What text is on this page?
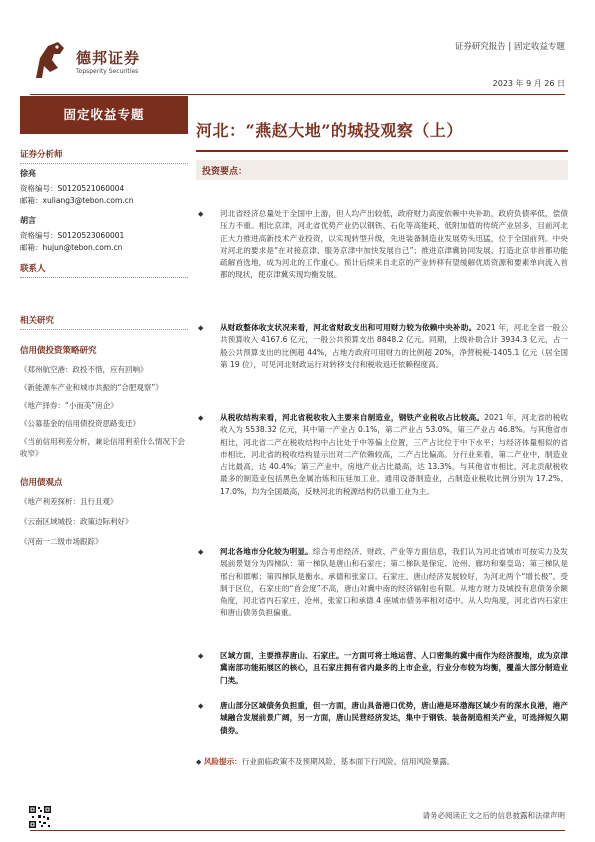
德邦证券
Topsperity Securities
证券研究报告 | 固定收益专题
2023 年 9 月 26 日
固定收益专题
证券分析师
徐亮
资格编号：S0120521060004
邮箱：xuliang3@tebon.com.cn
胡言
资格编号：S0120523060001
邮箱：hujun@tebon.com.cn
联系人
相关研究
信用债投资策略研究
《郑州航空港：政投不惜，应有回响》
《新能源车产业和城市共振的“合肥观察”》
《地产择券：“小而美”房企》
《公募基金的信用债投资思路变迁》
《当前信用利差分析，兼论信用利差什么情况下会收窄》
信用债观点
《地产利差探析：且行且观》
《云南区域城投：政策边际利好》
《河南一二级市场跟踪》
河北：“燕赵大地”的城投观察（上）
投资要点：
◆ 河北省经济总量处于全国中上游，但人均产出较低，政府财力高度依赖中央补助，政府负债率低，偿债压力不重。相比京津，河北省优势产业仍以钢铁、石化等高能耗、低附加值的传统产业居多，目前河北正大力推进高新技术产业投资，以实现转型升级，先进装备制造业发展势头迅猛，位于全国前列。中央对河北的要求是“在对接京津、服务京津中加快发展自己”；推进京津冀协同发展，打造北京非首都功能疏解首选地，成为河北的工作重心。预计后续来自北京的产业转移有望缓解优质资源和要素单向流入首都的现状，使京津冀实现均衡发展。
◆ 从财政整体收支状况来看，河北省财政支出和可用财力较为依赖中央补助。2021 年，河北全省一般公共预算收入 4167.6 亿元，一般公共预算支出 8848.2 亿元。同期，上级补助合计 3934.3 亿元，占一般公共预算支出的比例超 44%，占地方政府可用财力的比例超 20%，净营税税-1405.1 亿元（居全国第 19 位），可见河北财政运行对转移支付和税收返还依赖程度高。
◆ 从税收结构来看，河北省税收收入主要来自制造业，钢铁产业税收占比较高。2021 年，河北省的税收收入为 5538.32 亿元，其中第一产业占 0.1%，第二产业占 53.0%，第三产业占 46.8%。与其他省市相比，河北省二产在税收结构中占比处于中等偏上位置，三产占比位于中下水平；与经济体量相似的省市相比，河北省的税收结构显示出对二产依赖较高，二产占比偏高。分行业来看，第二产业中，制造业占比最高，达 40.4%；第三产业中，房地产业占比最高，达 13.3%。与其他省市相比，河北贡献税收最多的制造业包括黑色金属冶炼和压延加工业、通用设备制造业，占制造业税收比例分别为 17.2%、17.0%，均为全国最高，反映河北的税源结构仍以重工业为主。
◆ 河北各地市分化较为明显。综合考虑经济、财政、产业等方面信息，我们认为河北省城市可按实力及发展前景划分为四梯队：第一梯队是唐山和石家庄；第二梯队是保定、沧州、廊坊和秦皇岛；第三梯队是邢台和邯郸；第四梯队是衡水、承德和张家口。石家庄、唐山经济发展较好，为河北两个“增长极”。受制于区位，石家庄的“首会度”不高，唐山对冀中南的经济辐射也有限。从地方财力及城投有息债务余额角度，河北省内石家庄、沧州、张家口和承德 4 座城市债务率相对适中。从人均角度，河北省内石家庄和唐山债务负担偏重。
◆ 区域方面，主要推荐唐山、石家庄。一方面可将土地运营、人口密集的冀中南作为经济腹地，成为京津冀南部功能拓展区的核心，且石家庄拥有省内最多的上市企业，行业分布较为均衡，覆盖大部分制造业门类。
◆ 唐山部分区域债务负担重，但一方面，唐山具备港口优势，唐山港是环渤海区域少有的深水良港，港产城融合发展前景广阔，另一方面，唐山民营经济发达，集中于钢铁、装备制造相关产业，可选择短久期债券。
◆ 风险提示：行业面临政策不及预期风险、基本面下行风险、信用风险暴露。
请务必阅读正文之后的信息披露和法律声明
